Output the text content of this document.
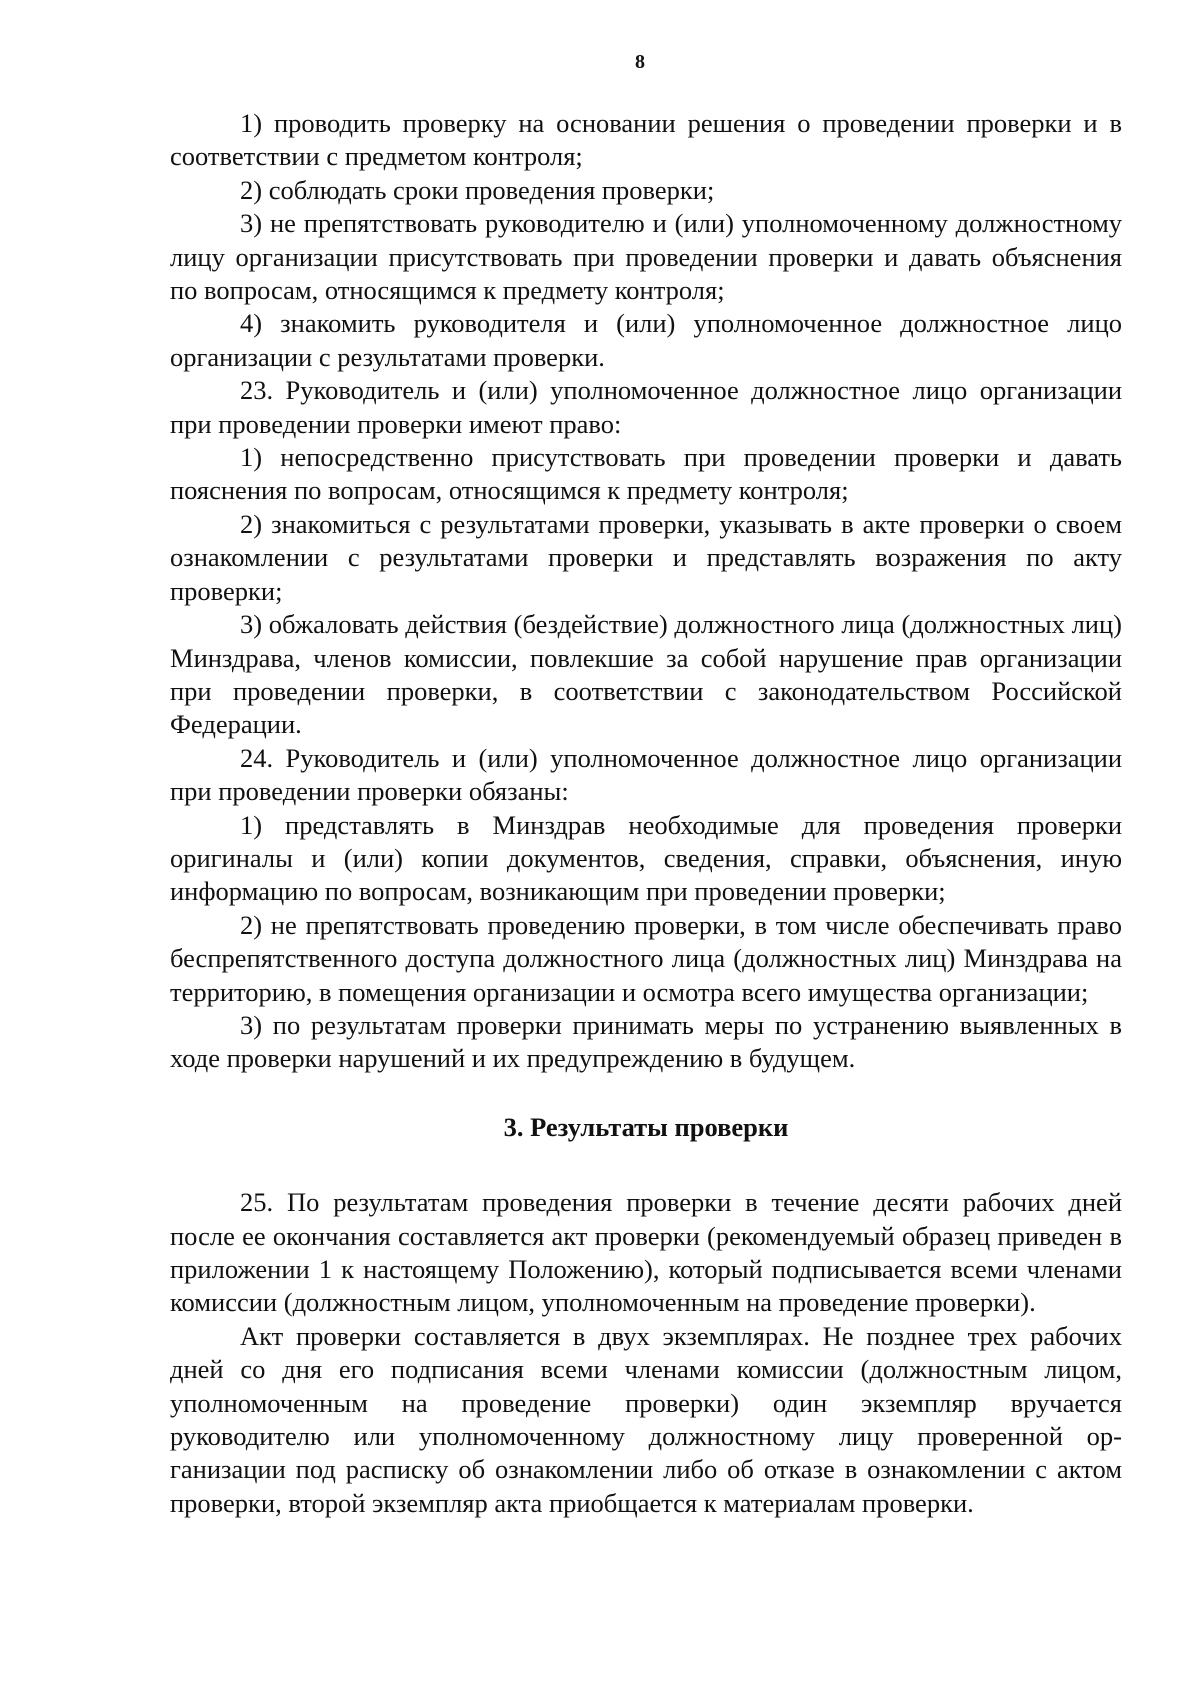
8

1) проводить проверку на основании решения о проведении проверки и в соответствии с предметом контроля;

2) соблюдать сроки проведения проверки;

3) не препятствовать руководителю и (или) уполномоченному должностному лицу организации присутствовать при проведении проверки и давать объяснения по вопросам, относящимся к предмету контроля;

4) знакомить руководителя и (или) уполномоченное должностное лицо организации с результатами проверки.

23. Руководитель и (или) уполномоченное должностное лицо организации при проведении проверки имеют право:

1) непосредственно присутствовать при проведении проверки и давать пояснения по вопросам, относящимся к предмету контроля;

2) знакомиться с результатами проверки, указывать в акте проверки о своем ознакомлении с результатами проверки и представлять возражения по акту проверки;

3) обжаловать действия (бездействие) должностного лица (должностных лиц) Минздрава, членов комиссии, повлекшие за собой нарушение прав организации при проведении проверки, в соответствии с законодательством Российской Федерации.

24. Руководитель и (или) уполномоченное должностное лицо организации при проведении проверки обязаны:

1) представлять в Минздрав необходимые для проведения проверки оригиналы и (или) копии документов, сведения, справки, объяснения, иную информацию по вопросам, возникающим при проведении проверки;

2) не препятствовать проведению проверки, в том числе обеспечивать право беспрепятственного доступа должностного лица (должностных лиц) Минздрава на территорию, в помещения организации и осмотра всего имущества организации;

3) по результатам проверки принимать меры по устранению выявленных в ходе проверки нарушений и их предупреждению в будущем.

3. Результаты проверки

25. По результатам проведения проверки в течение десяти рабочих дней после ее окончания составляется акт проверки (рекомендуемый образец приведен в приложении 1 к настоящему Положению), который подписывается всеми членами комиссии (должностным лицом, уполномоченным на проведение проверки).

Акт проверки составляется в двух экземплярах. Не позднее трех рабочих дней со дня его подписания всеми членами комиссии (должностным лицом, уполномоченным на проведение проверки) один экземпляр вручается руководителю или уполномоченному должностному лицу проверенной организации под расписку об ознакомлении либо об отказе в ознакомлении с актом проверки, второй экземпляр акта приобщается к материалам проверки.
